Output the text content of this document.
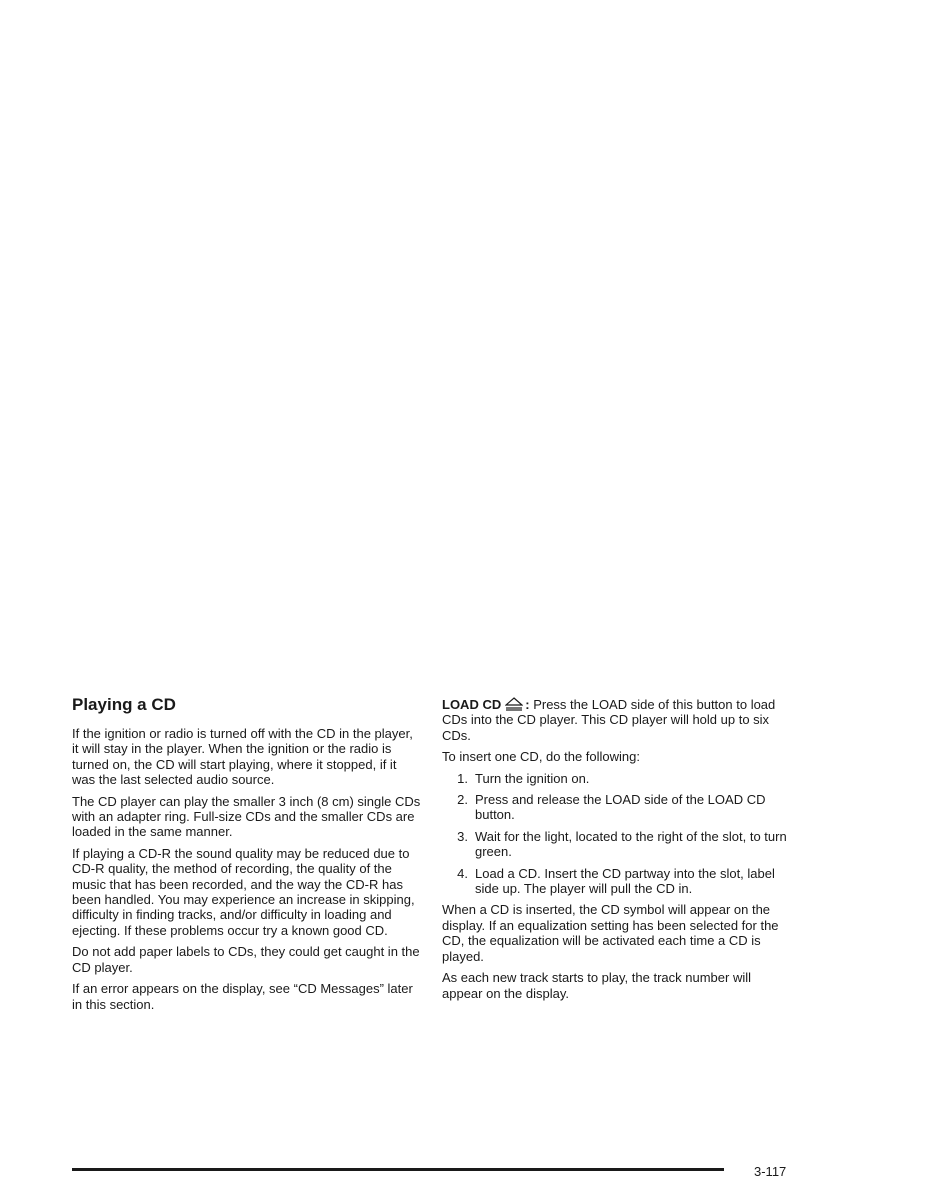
Playing a CD

If the ignition or radio is turned off with the CD in the player, it will stay in the player. When the ignition or the radio is turned on, the CD will start playing, where it stopped, if it was the last selected audio source.

The CD player can play the smaller 3 inch (8 cm) single CDs with an adapter ring. Full-size CDs and the smaller CDs are loaded in the same manner.

If playing a CD-R the sound quality may be reduced due to CD-R quality, the method of recording, the quality of the music that has been recorded, and the way the CD-R has been handled. You may experience an increase in skipping, difficulty in finding tracks, and/or difficulty in loading and ejecting. If these problems occur try a known good CD.

Do not add paper labels to CDs, they could get caught in the CD player.

If an error appears on the display, see “CD Messages” later in this section.

LOAD CD : Press the LOAD side of this button to load CDs into the CD player. This CD player will hold up to six CDs.

To insert one CD, do the following:

1. Turn the ignition on.
2. Press and release the LOAD side of the LOAD CD button.
3. Wait for the light, located to the right of the slot, to turn green.
4. Load a CD. Insert the CD partway into the slot, label side up. The player will pull the CD in.

When a CD is inserted, the CD symbol will appear on the display. If an equalization setting has been selected for the CD, the equalization will be activated each time a CD is played.

As each new track starts to play, the track number will appear on the display.

3-117
